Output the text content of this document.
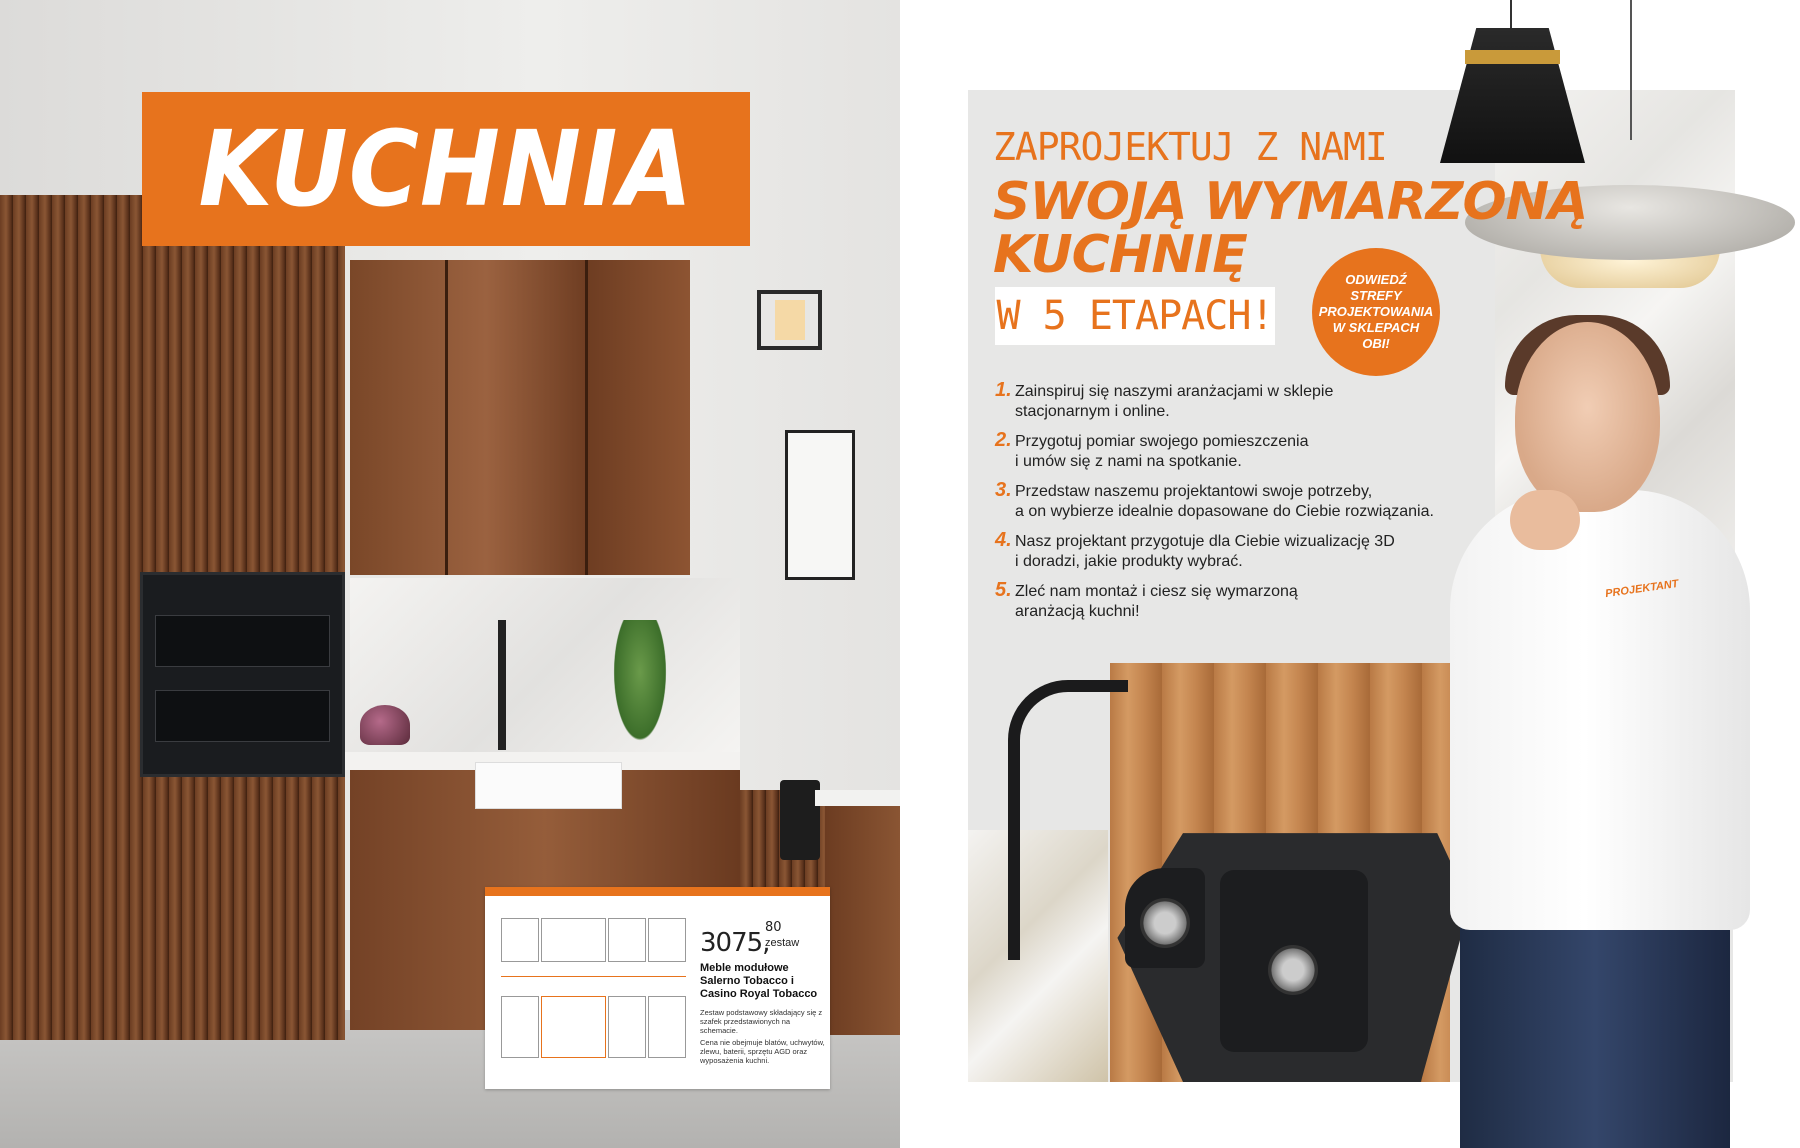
KUCHNIA
3075,
80
zestaw
Meble modułowe Salerno Tobacco i Casino Royal Tobacco
Zestaw podstawowy składający się z szafek przedstawionych na schemacie.
Cena nie obejmuje blatów, uchwytów, zlewu, baterii, sprzętu AGD oraz wyposażenia kuchni.
PROJEKTANT
ZAPROJEKTUJ Z NAMI
SWOJĄ WYMARZONĄ
KUCHNIĘ
W 5 ETAPACH!
ODWIEDŹ
STREFY
PROJEKTOWANIA
W SKLEPACH
OBI!
1. Zainspiruj się naszymi aranżacjami w sklepie
stacjonarnym i online.
2. Przygotuj pomiar swojego pomieszczenia
i umów się z nami na spotkanie.
3. Przedstaw naszemu projektantowi swoje potrzeby,
a on wybierze idealnie dopasowane do Ciebie rozwiązania.
4. Nasz projektant przygotuje dla Ciebie wizualizację 3D
i doradzi, jakie produkty wybrać.
5. Zleć nam montaż i ciesz się wymarzoną
aranżacją kuchni!
